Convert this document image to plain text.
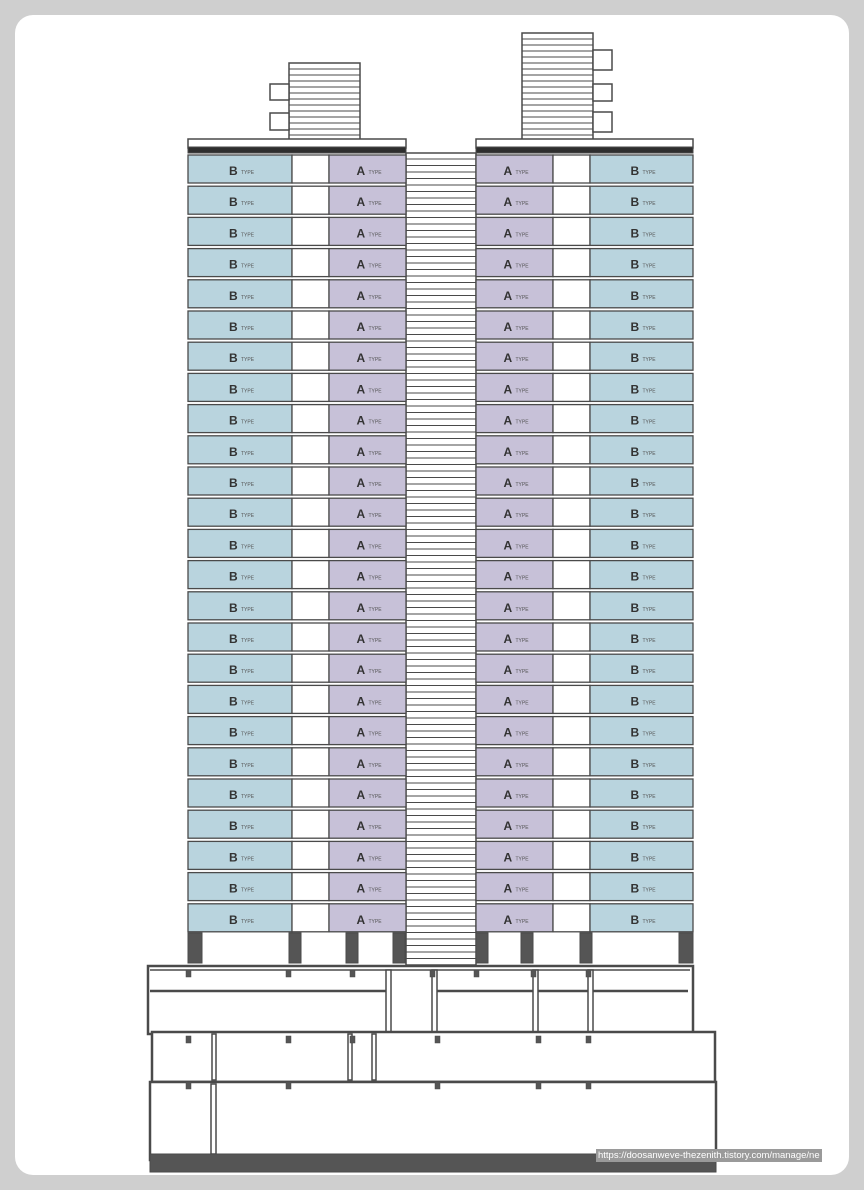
B TYPE	A TYPE	A TYPE	B TYPE
B TYPE	A TYPE	A TYPE	B TYPE
B TYPE	A TYPE	A TYPE	B TYPE
B TYPE	A TYPE	A TYPE	B TYPE
B TYPE	A TYPE	A TYPE	B TYPE
B TYPE	A TYPE	A TYPE	B TYPE
B TYPE	A TYPE	A TYPE	B TYPE
B TYPE	A TYPE	A TYPE	B TYPE
B TYPE	A TYPE	A TYPE	B TYPE
B TYPE	A TYPE	A TYPE	B TYPE
B TYPE	A TYPE	A TYPE	B TYPE
B TYPE	A TYPE	A TYPE	B TYPE
B TYPE	A TYPE	A TYPE	B TYPE
B TYPE	A TYPE	A TYPE	B TYPE
B TYPE	A TYPE	A TYPE	B TYPE
B TYPE	A TYPE	A TYPE	B TYPE
B TYPE	A TYPE	A TYPE	B TYPE
B TYPE	A TYPE	A TYPE	B TYPE
B TYPE	A TYPE	A TYPE	B TYPE
B TYPE	A TYPE	A TYPE	B TYPE
B TYPE	A TYPE	A TYPE	B TYPE
B TYPE	A TYPE	A TYPE	B TYPE
B TYPE	A TYPE	A TYPE	B TYPE
B TYPE	A TYPE	A TYPE	B TYPE
B TYPE	A TYPE	A TYPE	B TYPE
https://doosanweve-thezenith.tistory.com/manage/ne
